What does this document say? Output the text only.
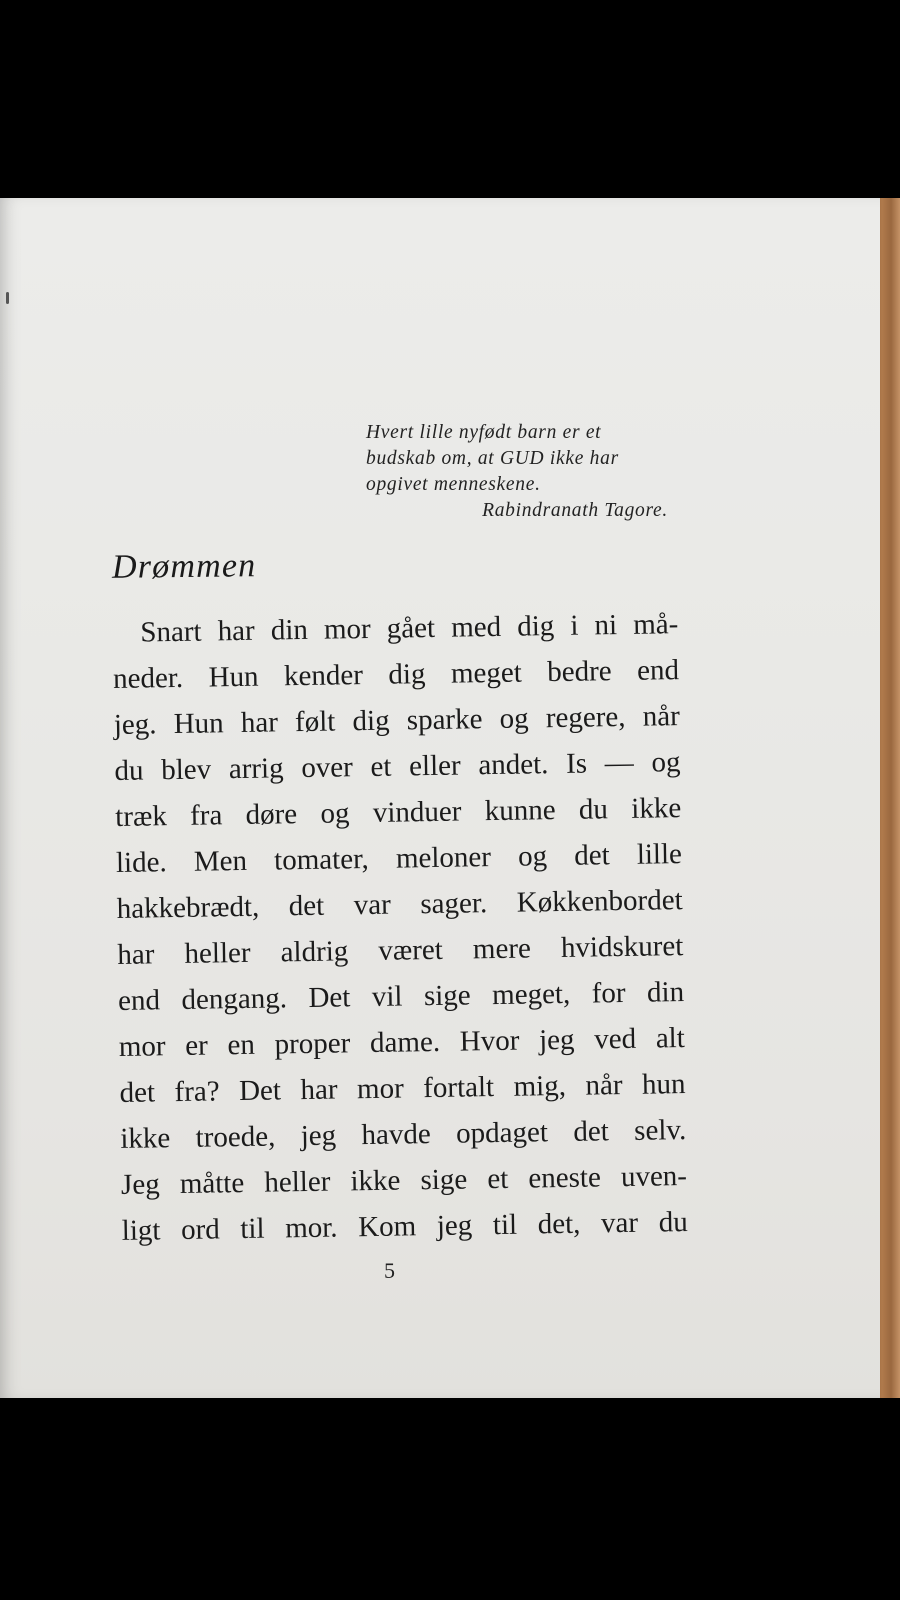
Hvert lille nyfødt barn er et
budskab om, at GUD ikke har
opgivet menneskene.
Rabindranath Tagore.
Drømmen
Snart har din mor gået med dig i ni må-
neder. Hun kender dig meget bedre end
jeg. Hun har følt dig sparke og regere, når
du blev arrig over et eller andet. Is — og
træk fra døre og vinduer kunne du ikke
lide. Men tomater, meloner og det lille
hakkebrædt, det var sager. Køkkenbordet
har heller aldrig været mere hvidskuret
end dengang. Det vil sige meget, for din
mor er en proper dame. Hvor jeg ved alt
det fra? Det har mor fortalt mig, når hun
ikke troede, jeg havde opdaget det selv.
Jeg måtte heller ikke sige et eneste uven-
ligt ord til mor. Kom jeg til det, var du
5
